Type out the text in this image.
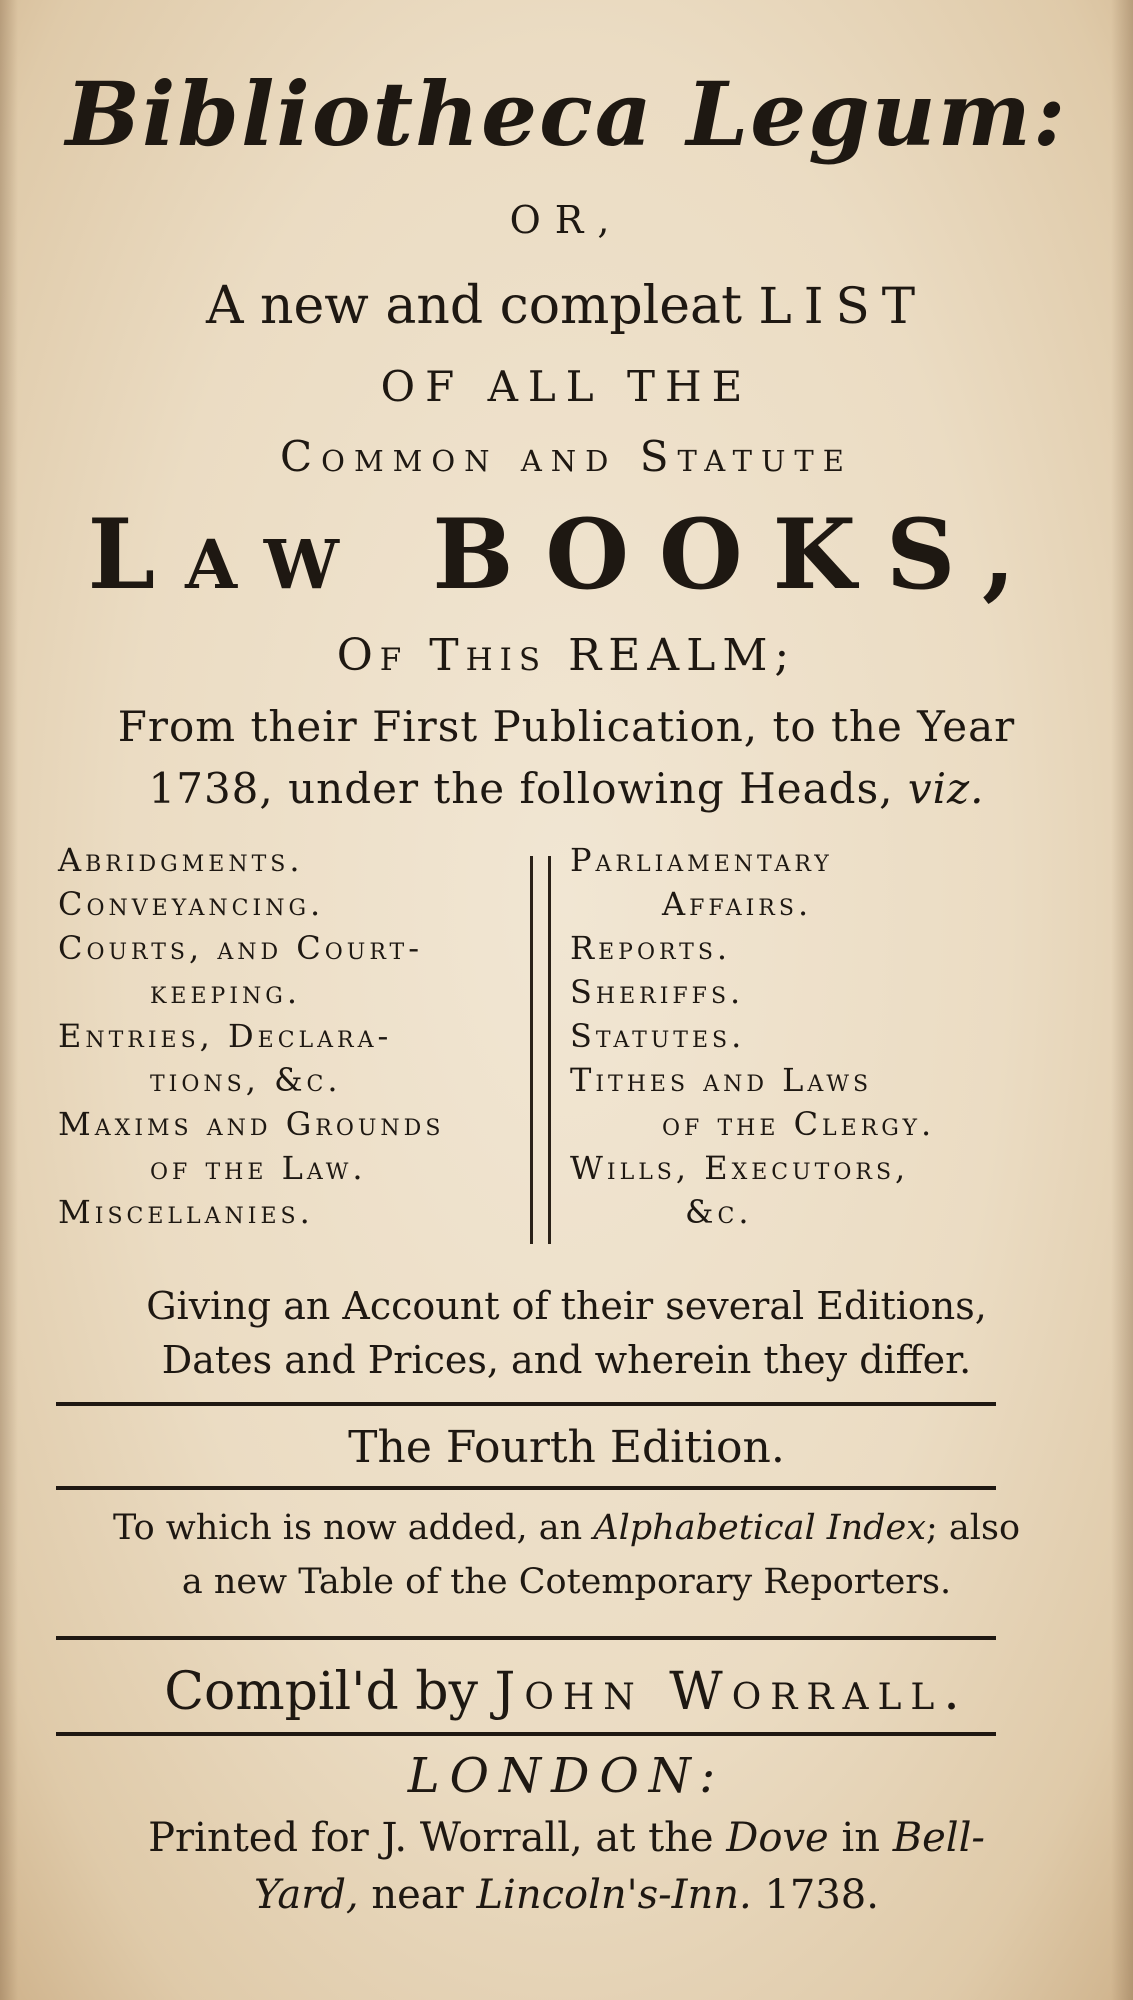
Bibliotheca Legum:
OR,
A new and compleat LIST
OF ALL THE
Common and Statute
Law BOOKS,
Of This REALM;
From their First Publication, to the Year
1738, under the following Heads, viz.
Abridgments.
Conveyancing.
Courts, and Court-
keeping.
Entries, Declara-
tions, &c.
Maxims and Grounds
of the Law.
Miscellanies.
Parliamentary
Affairs.
Reports.
Sheriffs.
Statutes.
Tithes and Laws
of the Clergy.
Wills, Executors,
&c.
Giving an Account of their several Editions,
Dates and Prices, and wherein they differ.
The Fourth Edition.
To which is now added, an Alphabetical Index; also
a new Table of the Cotemporary Reporters.
Compil'd by John Worrall.
LONDON:
Printed for J. Worrall, at the Dove in Bell-
Yard, near Lincoln's-Inn. 1738.
